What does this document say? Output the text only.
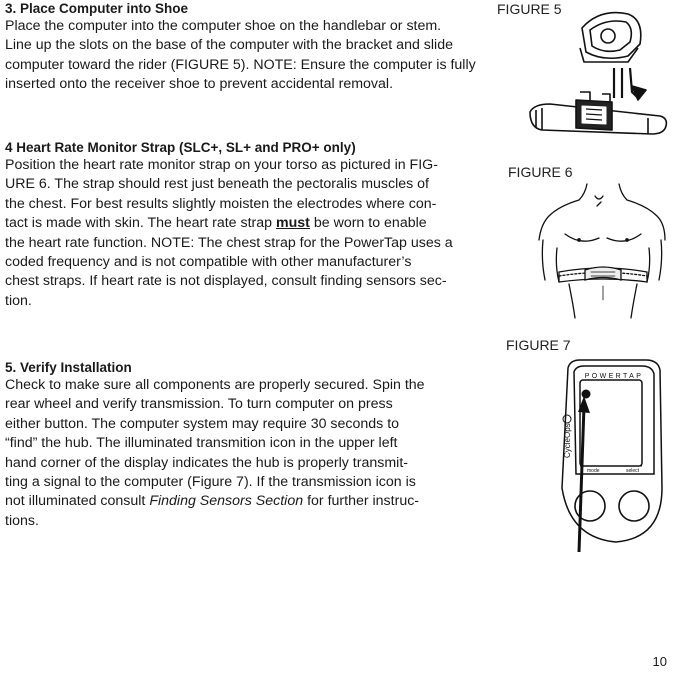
3. Place Computer into Shoe

Place the computer into the computer shoe on the handlebar or stem.
Line up the slots on the base of the computer with the bracket and slide
computer toward the rider (FIGURE 5). NOTE: Ensure the computer is fully
inserted onto the receiver shoe to prevent accidental removal.

4 Heart Rate Monitor Strap (SLC+, SL+ and PRO+ only)

Position the heart rate monitor strap on your torso as pictured in FIG-
URE 6. The strap should rest just beneath the pectoralis muscles of
the chest. For best results slightly moisten the electrodes where con-
tact is made with skin. The heart rate strap must be worn to enable
the heart rate function. NOTE: The chest strap for the PowerTap uses a
coded frequency and is not compatible with other manufacturer’s
chest straps. If heart rate is not displayed, consult finding sensors sec-
tion.

5. Verify Installation

Check to make sure all components are properly secured. Spin the
rear wheel and verify transmission. To turn computer on press
either button. The computer system may require 30 seconds to
“find” the hub. The illuminated transmition icon in the upper left
hand corner of the display indicates the hub is properly transmit-
ting a signal to the computer (Figure 7). If the transmission icon is
not illuminated consult Finding Sensors Section for further instruc-
tions.

FIGURE 5
FIGURE 6
FIGURE 7
POWERTAP
CycleOps
mode	select
10
